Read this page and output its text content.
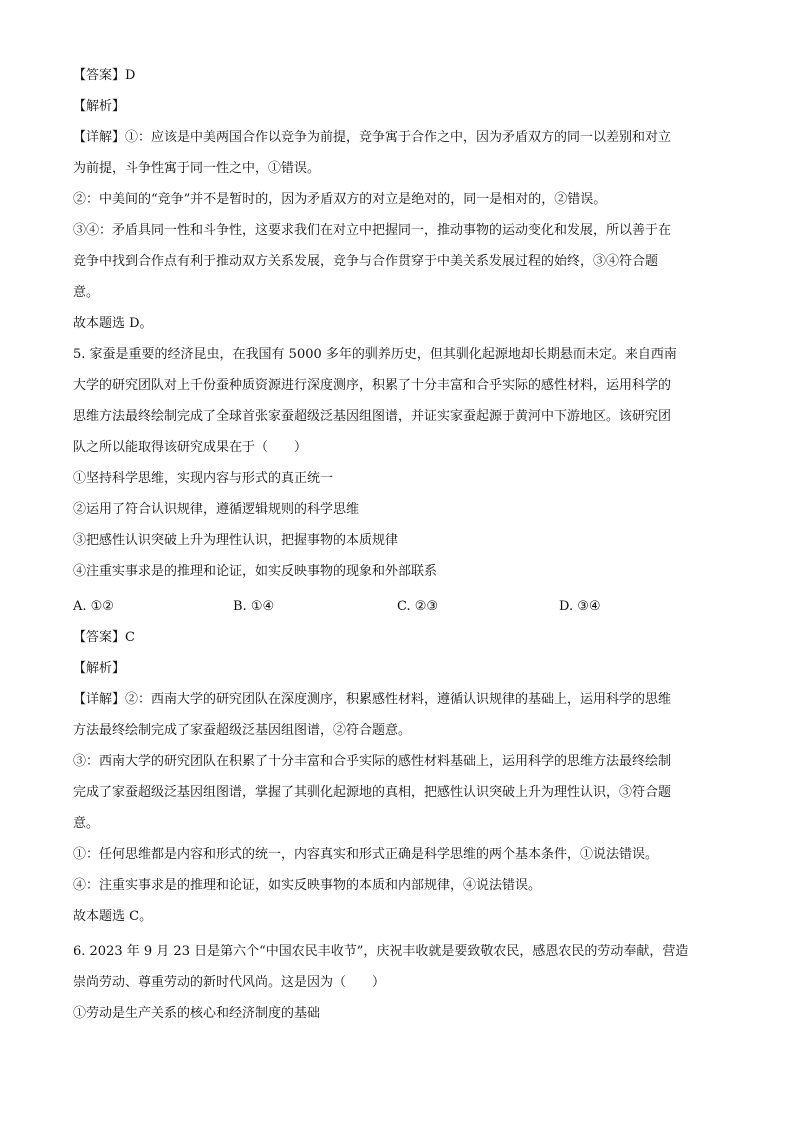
【答案】D
【解析】
【详解】①：应该是中美两国合作以竞争为前提，竞争寓于合作之中，因为矛盾双方的同一以差别和对立
为前提，斗争性寓于同一性之中，①错误。
②：中美间的“竞争”并不是暂时的，因为矛盾双方的对立是绝对的，同一是相对的，②错误。
③④：矛盾具同一性和斗争性，这要求我们在对立中把握同一，推动事物的运动变化和发展，所以善于在
竞争中找到合作点有利于推动双方关系发展，竞争与合作贯穿于中美关系发展过程的始终，③④符合题
意。
故本题选 D。
5. 家蚕是重要的经济昆虫，在我国有 5000 多年的驯养历史，但其驯化起源地却长期悬而未定。来自西南
大学的研究团队对上千份蚕种质资源进行深度测序，积累了十分丰富和合乎实际的感性材料，运用科学的
思维方法最终绘制完成了全球首张家蚕超级泛基因组图谱，并证实家蚕起源于黄河中下游地区。该研究团
队之所以能取得该研究成果在于（　　）
①坚持科学思维，实现内容与形式的真正统一
②运用了符合认识规律，遵循逻辑规则的科学思维
③把感性认识突破上升为理性认识，把握事物的本质规律
④注重实事求是的推理和论证，如实反映事物的现象和外部联系
A. ①②	B. ①④	C. ②③	D. ③④
【答案】C
【解析】
【详解】②：西南大学的研究团队在深度测序，积累感性材料，遵循认识规律的基础上，运用科学的思维
方法最终绘制完成了家蚕超级泛基因组图谱，②符合题意。
③：西南大学的研究团队在积累了十分丰富和合乎实际的感性材料基础上，运用科学的思维方法最终绘制
完成了家蚕超级泛基因组图谱，掌握了其驯化起源地的真相，把感性认识突破上升为理性认识，③符合题
意。
①：任何思维都是内容和形式的统一，内容真实和形式正确是科学思维的两个基本条件，①说法错误。
④：注重实事求是的推理和论证，如实反映事物的本质和内部规律，④说法错误。
故本题选 C。
6. 2023 年 9 月 23 日是第六个“中国农民丰收节”，庆祝丰收就是要致敬农民，感恩农民的劳动奉献，营造
崇尚劳动、尊重劳动的新时代风尚。这是因为（　　）
①劳动是生产关系的核心和经济制度的基础
